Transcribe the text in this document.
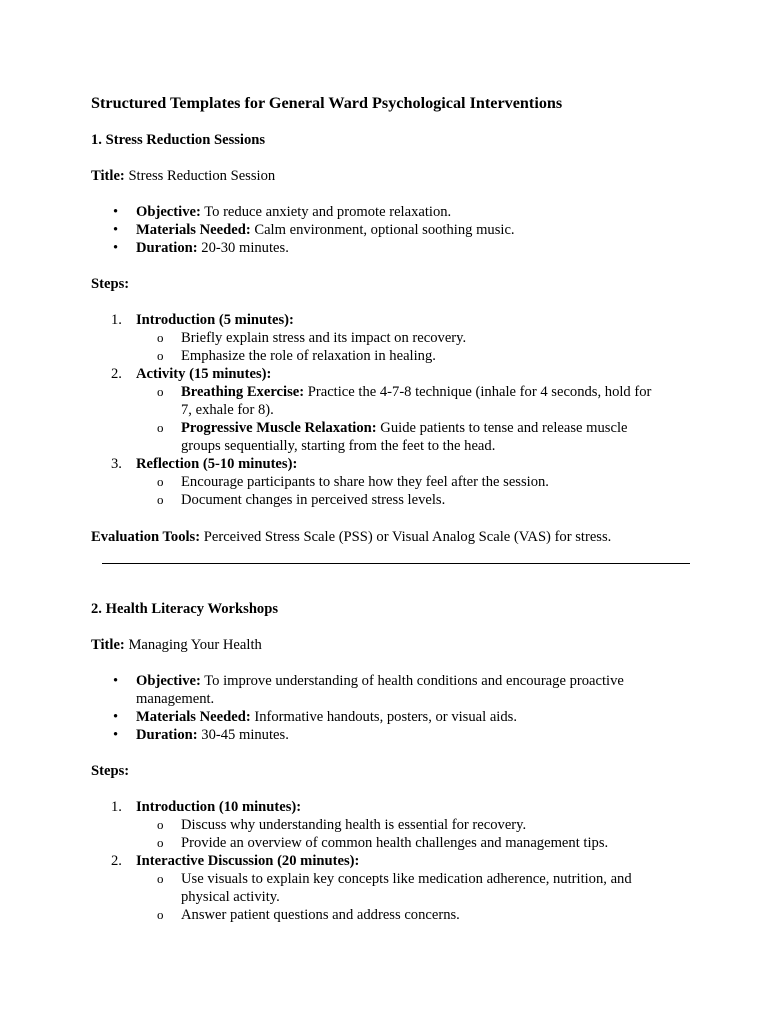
Structured Templates for General Ward Psychological Interventions
1. Stress Reduction Sessions
Title: Stress Reduction Session
• Objective: To reduce anxiety and promote relaxation.
• Materials Needed: Calm environment, optional soothing music.
• Duration: 20-30 minutes.
Steps:
1. Introduction (5 minutes):
o Briefly explain stress and its impact on recovery.
o Emphasize the role of relaxation in healing.
2. Activity (15 minutes):
o Breathing Exercise: Practice the 4-7-8 technique (inhale for 4 seconds, hold for
7, exhale for 8).
o Progressive Muscle Relaxation: Guide patients to tense and release muscle
groups sequentially, starting from the feet to the head.
3. Reflection (5-10 minutes):
o Encourage participants to share how they feel after the session.
o Document changes in perceived stress levels.
Evaluation Tools: Perceived Stress Scale (PSS) or Visual Analog Scale (VAS) for stress.
2. Health Literacy Workshops
Title: Managing Your Health
• Objective: To improve understanding of health conditions and encourage proactive
management.
• Materials Needed: Informative handouts, posters, or visual aids.
• Duration: 30-45 minutes.
Steps:
1. Introduction (10 minutes):
o Discuss why understanding health is essential for recovery.
o Provide an overview of common health challenges and management tips.
2. Interactive Discussion (20 minutes):
o Use visuals to explain key concepts like medication adherence, nutrition, and
physical activity.
o Answer patient questions and address concerns.
